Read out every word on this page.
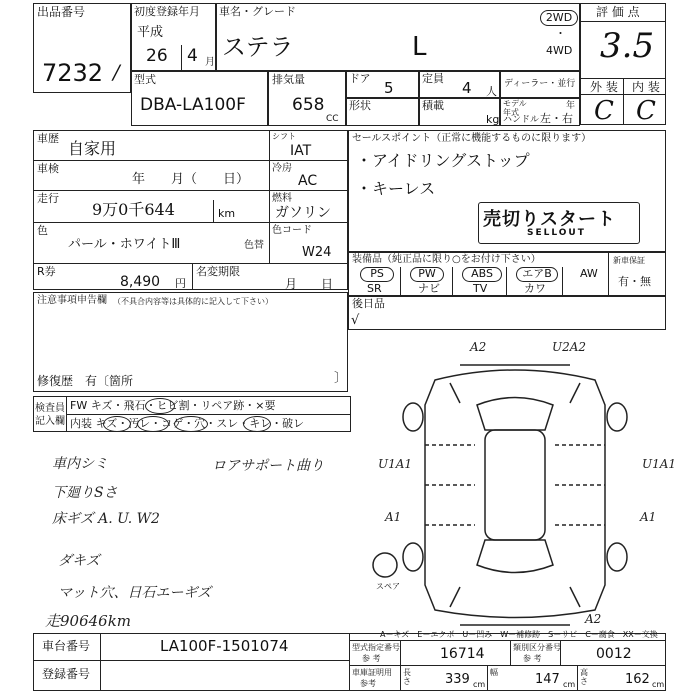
出品番号
7232 /
初度登録年月
平成
26 4 月
車名・グレード
ステラ	L
2WD
・
4WD
評 価 点
3.5
外 装 内 装
C C
型式
DBA-LA100F
排気量
658
CC
ドア
5
定員
4 人
ディーラー・並行
形状	積載
kg
モデル年式
年
ハンドル 左・右
車歴
自家用
車検
年　　月（　　日）
走行
9万0千644	km
色
パール・ホワイトⅢ
シフト
IAT
冷房
AC
燃料
ガソリン
色コード
色替	W24
R券
8,490 円
名変期限
月　　日
セールスポイント（正常に機能するものに限ります）
・アイドリングストップ
・キーレス
売切りスタート
SELLOUT
装備品（純正品に限り○をお付け下さい）	新車保証
有・無
PS	PW	ABS	エアB	AW
SR	ナビ	TV	カワ
後日品
√
注意事項申告欄 （不具合内容等は具体的に記入して下さい）
修復歴　有〔箇所	〕
検査員記入欄
FW キズ・飛石・ヒビ割・リペア跡・×要
内装 キズ・汚レ・コゲ・穴・スレ・キレ・破レ
車内シミ
下廻りSさ
床ギズ A. U. W2
ダキズ
マット穴、日石エーギズ
走90646km
ロアサポート曲り
A2	U2A2
U1A1	U1A1
A1	A1
A2
スペア
A－キズ　E－エクボ　U－凹み　W－補修跡　S－サビ　C－腐食　XX－交換
車台番号	LA100F-1501074
登録番号
型式指定番号
参 考	16714	類別区分番号
参 考	0012
車庫証明用
参考
長さ	339 cm
幅	147 cm
高さ	162 cm
